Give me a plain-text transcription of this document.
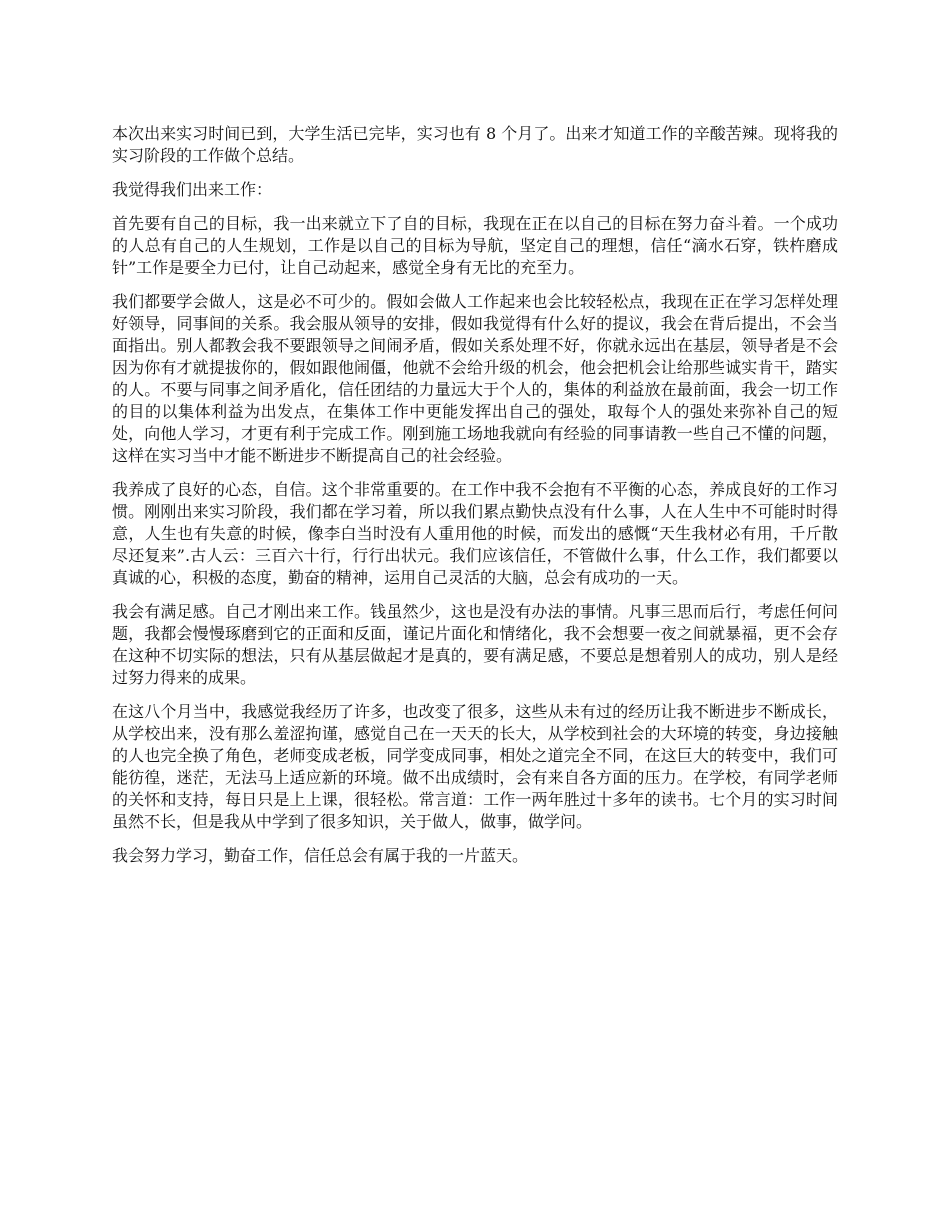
本次出来实习时间已到，大学生活已完毕，实习也有 8 个月了。出来才知道工作的辛酸苦辣。现将我的实习阶段的工作做个总结。

我觉得我们出来工作：

首先要有自己的目标，我一出来就立下了自的目标，我现在正在以自己的目标在努力奋斗着。一个成功的人总有自己的人生规划，工作是以自己的目标为导航，坚定自己的理想，信任“滴水石穿，铁杵磨成针”工作是要全力已付，让自己动起来，感觉全身有无比的充至力。

我们都要学会做人，这是必不可少的。假如会做人工作起来也会比较轻松点，我现在正在学习怎样处理好领导，同事间的关系。我会服从领导的安排，假如我觉得有什么好的提议，我会在背后提出，不会当面指出。别人都教会我不要跟领导之间闹矛盾，假如关系处理不好，你就永远出在基层，领导者是不会因为你有才就提拔你的，假如跟他闹僵，他就不会给升级的机会，他会把机会让给那些诚实肯干，踏实的人。不要与同事之间矛盾化，信任团结的力量远大于个人的，集体的利益放在最前面，我会一切工作的目的以集体利益为出发点，在集体工作中更能发挥出自己的强处，取每个人的强处来弥补自己的短处，向他人学习，才更有利于完成工作。刚到施工场地我就向有经验的同事请教一些自己不懂的问题，这样在实习当中才能不断进步不断提高自己的社会经验。

我养成了良好的心态，自信。这个非常重要的。在工作中我不会抱有不平衡的心态，养成良好的工作习惯。刚刚出来实习阶段，我们都在学习着，所以我们累点勤快点没有什么事，人在人生中不可能时时得意，人生也有失意的时候，像李白当时没有人重用他的时候，而发出的感慨“天生我材必有用，千斤散尽还复来”.古人云：三百六十行，行行出状元。我们应该信任，不管做什么事，什么工作，我们都要以真诚的心，积极的态度，勤奋的精神，运用自己灵活的大脑，总会有成功的一天。

我会有满足感。自己才刚出来工作。钱虽然少，这也是没有办法的事情。凡事三思而后行，考虑任何问题，我都会慢慢琢磨到它的正面和反面，谨记片面化和情绪化，我不会想要一夜之间就暴福，更不会存在这种不切实际的想法，只有从基层做起才是真的，要有满足感，不要总是想着别人的成功，别人是经过努力得来的成果。

在这八个月当中，我感觉我经历了许多，也改变了很多，这些从未有过的经历让我不断进步不断成长，从学校出来，没有那么羞涩拘谨，感觉自己在一天天的长大，从学校到社会的大环境的转变，身边接触的人也完全换了角色，老师变成老板，同学变成同事，相处之道完全不同，在这巨大的转变中，我们可能彷徨，迷茫，无法马上适应新的环境。做不出成绩时，会有来自各方面的压力。在学校，有同学老师的关怀和支持，每日只是上上课，很轻松。常言道：工作一两年胜过十多年的读书。七个月的实习时间虽然不长，但是我从中学到了很多知识，关于做人，做事，做学问。

我会努力学习，勤奋工作，信任总会有属于我的一片蓝天。
